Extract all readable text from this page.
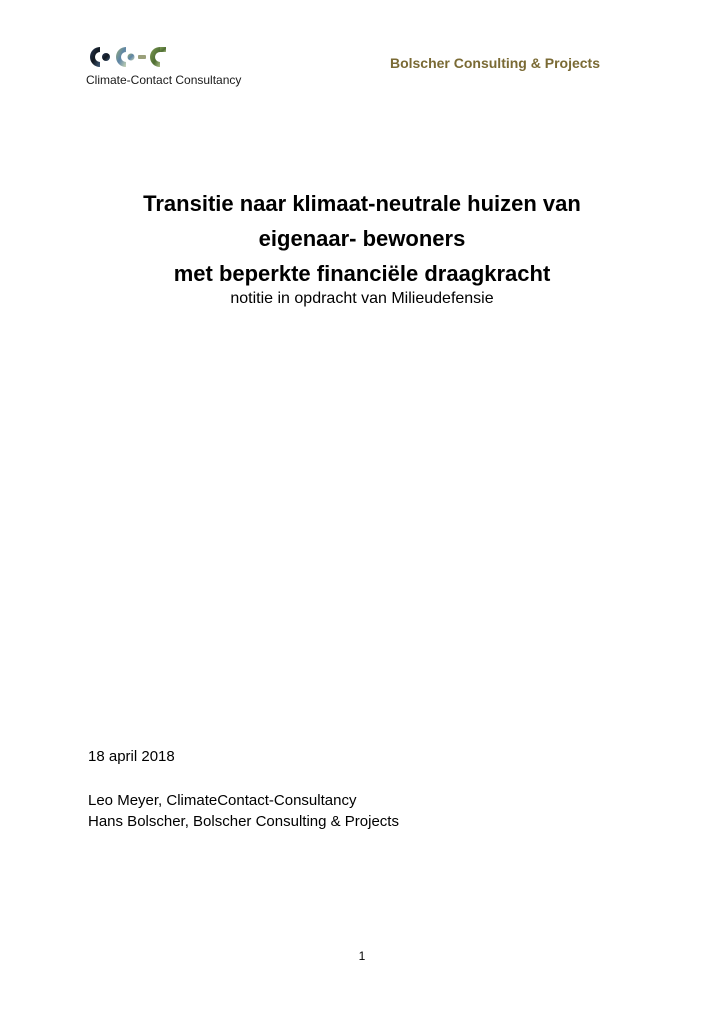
Climate-Contact Consultancy
Bolscher Consulting & Projects
Transitie naar klimaat-neutrale huizen van
eigenaar- bewoners
met beperkte financiële draagkracht
notitie in opdracht van Milieudefensie
18 april 2018
Leo Meyer, ClimateContact-Consultancy
Hans Bolscher, Bolscher Consulting & Projects
1
